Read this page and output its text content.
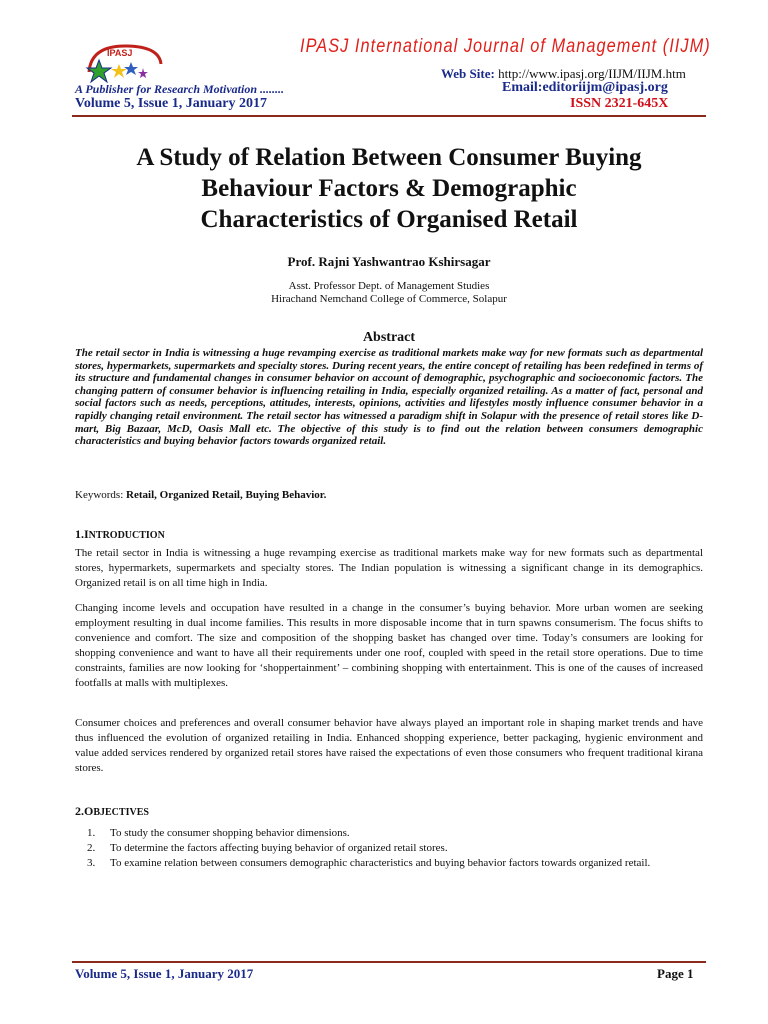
IPASJ	IPASJ International Journal of Management (IIJM)
Web Site: http://www.ipasj.org/IIJM/IIJM.htm
A Publisher for Research Motivation ........	Email:editoriijm@ipasj.org
Volume 5, Issue 1, January 2017	ISSN 2321-645X
A Study of Relation Between Consumer Buying
Behaviour Factors & Demographic
Characteristics of Organised Retail
Prof. Rajni Yashwantrao Kshirsagar
Asst. Professor Dept. of Management Studies
Hirachand Nemchand College of Commerce, Solapur
Abstract
The retail sector in India is witnessing a huge revamping exercise as traditional markets make way for new formats such as departmental stores, hypermarkets, supermarkets and specialty stores. During recent years, the entire concept of retailing has been redefined in terms of its structure and fundamental changes in consumer behavior on account of demographic, psychographic and socioeconomic factors. The changing pattern of consumer behavior is influencing retailing in India, especially organized retailing. As a matter of fact, personal and social factors such as needs, perceptions, attitudes, interests, opinions, activities and lifestyles mostly influence consumer behavior in a rapidly changing retail environment. The retail sector has witnessed a paradigm shift in Solapur with the presence of retail stores like D-mart, Big Bazaar, McD, Oasis Mall etc. The objective of this study is to find out the relation between consumers demographic characteristics and buying behavior factors towards organized retail.
Keywords: Retail, Organized Retail, Buying Behavior.
1.INTRODUCTION
The retail sector in India is witnessing a huge revamping exercise as traditional markets make way for new formats such as departmental stores, hypermarkets, supermarkets and specialty stores. The Indian population is witnessing a significant change in its demographics. Organized retail is on all time high in India.
Changing income levels and occupation have resulted in a change in the consumer’s buying behavior. More urban women are seeking employment resulting in dual income families. This results in more disposable income that in turn spawns consumerism. The focus shifts to convenience and comfort. The size and composition of the shopping basket has changed over time. Today’s consumers are looking for shopping convenience and want to have all their requirements under one roof, coupled with speed in the retail store operations. Due to time constraints, families are now looking for ‘shoppertainment’ – combining shopping with entertainment. This is one of the causes of increased footfalls at malls with multiplexes.
Consumer choices and preferences and overall consumer behavior have always played an important role in shaping market trends and have thus influenced the evolution of organized retailing in India. Enhanced shopping experience, better packaging, hygienic environment and value added services rendered by organized retail stores have raised the expectations of even those consumers who frequent traditional kirana stores.
2.OBJECTIVES
1.	To study the consumer shopping behavior dimensions.
2.	To determine the factors affecting buying behavior of organized retail stores.
3.	To examine relation between consumers demographic characteristics and buying behavior factors towards organized retail.
Volume 5, Issue 1, January 2017	Page 1
